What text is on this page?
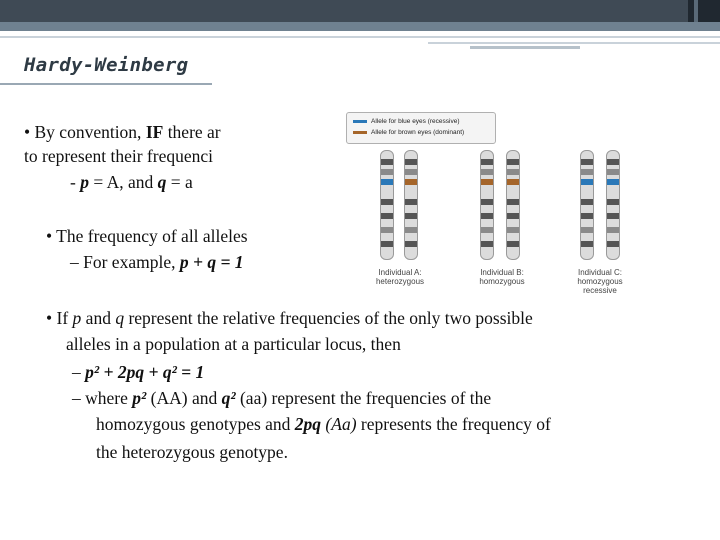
Hardy-Weinberg
• By convention, IF there ar
to represent their frequenci
- p = A, and q = a
• The frequency of all alleles
– For example, p + q = 1
Allele for blue eyes (recessive)
Allele for brown eyes (dominant)
Individual A:
heterozygous
Individual B:
homozygous
Individual C:
homozygous
recessive
• If p and q represent the relative frequencies of the only two possible
alleles in a population at a particular locus, then
– p² + 2pq + q² = 1
– where p² (AA) and q² (aa) represent the frequencies of the
homozygous genotypes and 2pq (Aa) represents the frequency of
the heterozygous genotype.
